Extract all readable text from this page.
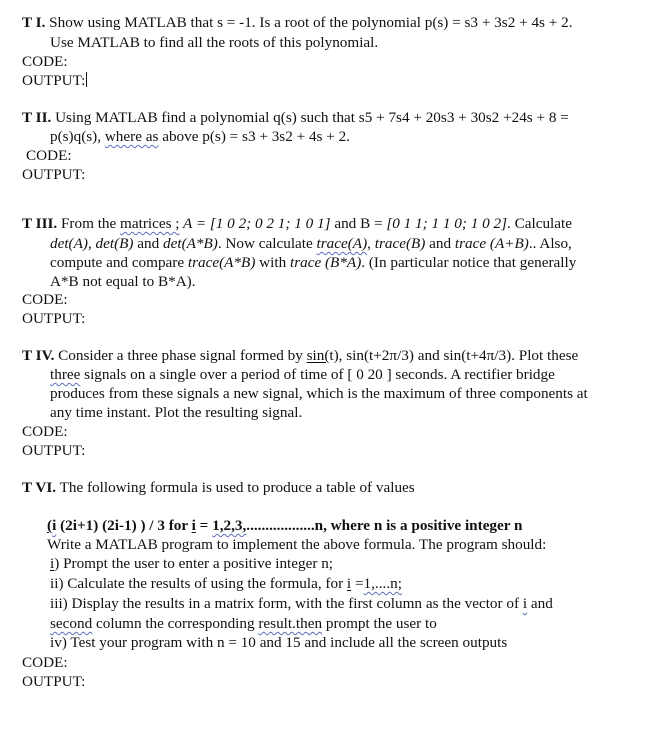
T I. Show using MATLAB that s = -1. Is a root of the polynomial p(s) = s3 + 3s2 + 4s + 2.
Use MATLAB to find all the roots of this polynomial.
CODE:
OUTPUT:
T II. Using MATLAB find a polynomial q(s) such that s5 + 7s4 + 20s3 + 30s2 +24s + 8 =
p(s)q(s), where as above p(s) = s3 + 3s2 + 4s + 2.
CODE:
OUTPUT:
T III. From the matrices ; A = [1 0 2; 0 2 1; 1 0 1] and B = [0 1 1; 1 1 0; 1 0 2]. Calculate
det(A), det(B) and det(A*B). Now calculate trace(A), trace(B) and trace (A+B).. Also,
compute and compare trace(A*B) with trace (B*A). (In particular notice that generally
A*B not equal to B*A).
CODE:
OUTPUT:
T IV. Consider a three phase signal formed by sin(t), sin(t+2π/3) and sin(t+4π/3). Plot these
three signals on a single over a period of time of [ 0 20 ] seconds. A rectifier bridge
produces from these signals a new signal, which is the maximum of three components at
any time instant. Plot the resulting signal.
CODE:
OUTPUT:
T VI. The following formula is used to produce a table of values
(i (2i+1) (2i-1) ) / 3 for i = 1,2,3,..................n, where n is a positive integer n
Write a MATLAB program to implement the above formula. The program should:
i) Prompt the user to enter a positive integer n;
ii) Calculate the results of using the formula, for i =1,....n;
iii) Display the results in a matrix form, with the first column as the vector of i and
second column the corresponding result.then prompt the user to
iv) Test your program with n = 10 and 15 and include all the screen outputs
CODE:
OUTPUT:
